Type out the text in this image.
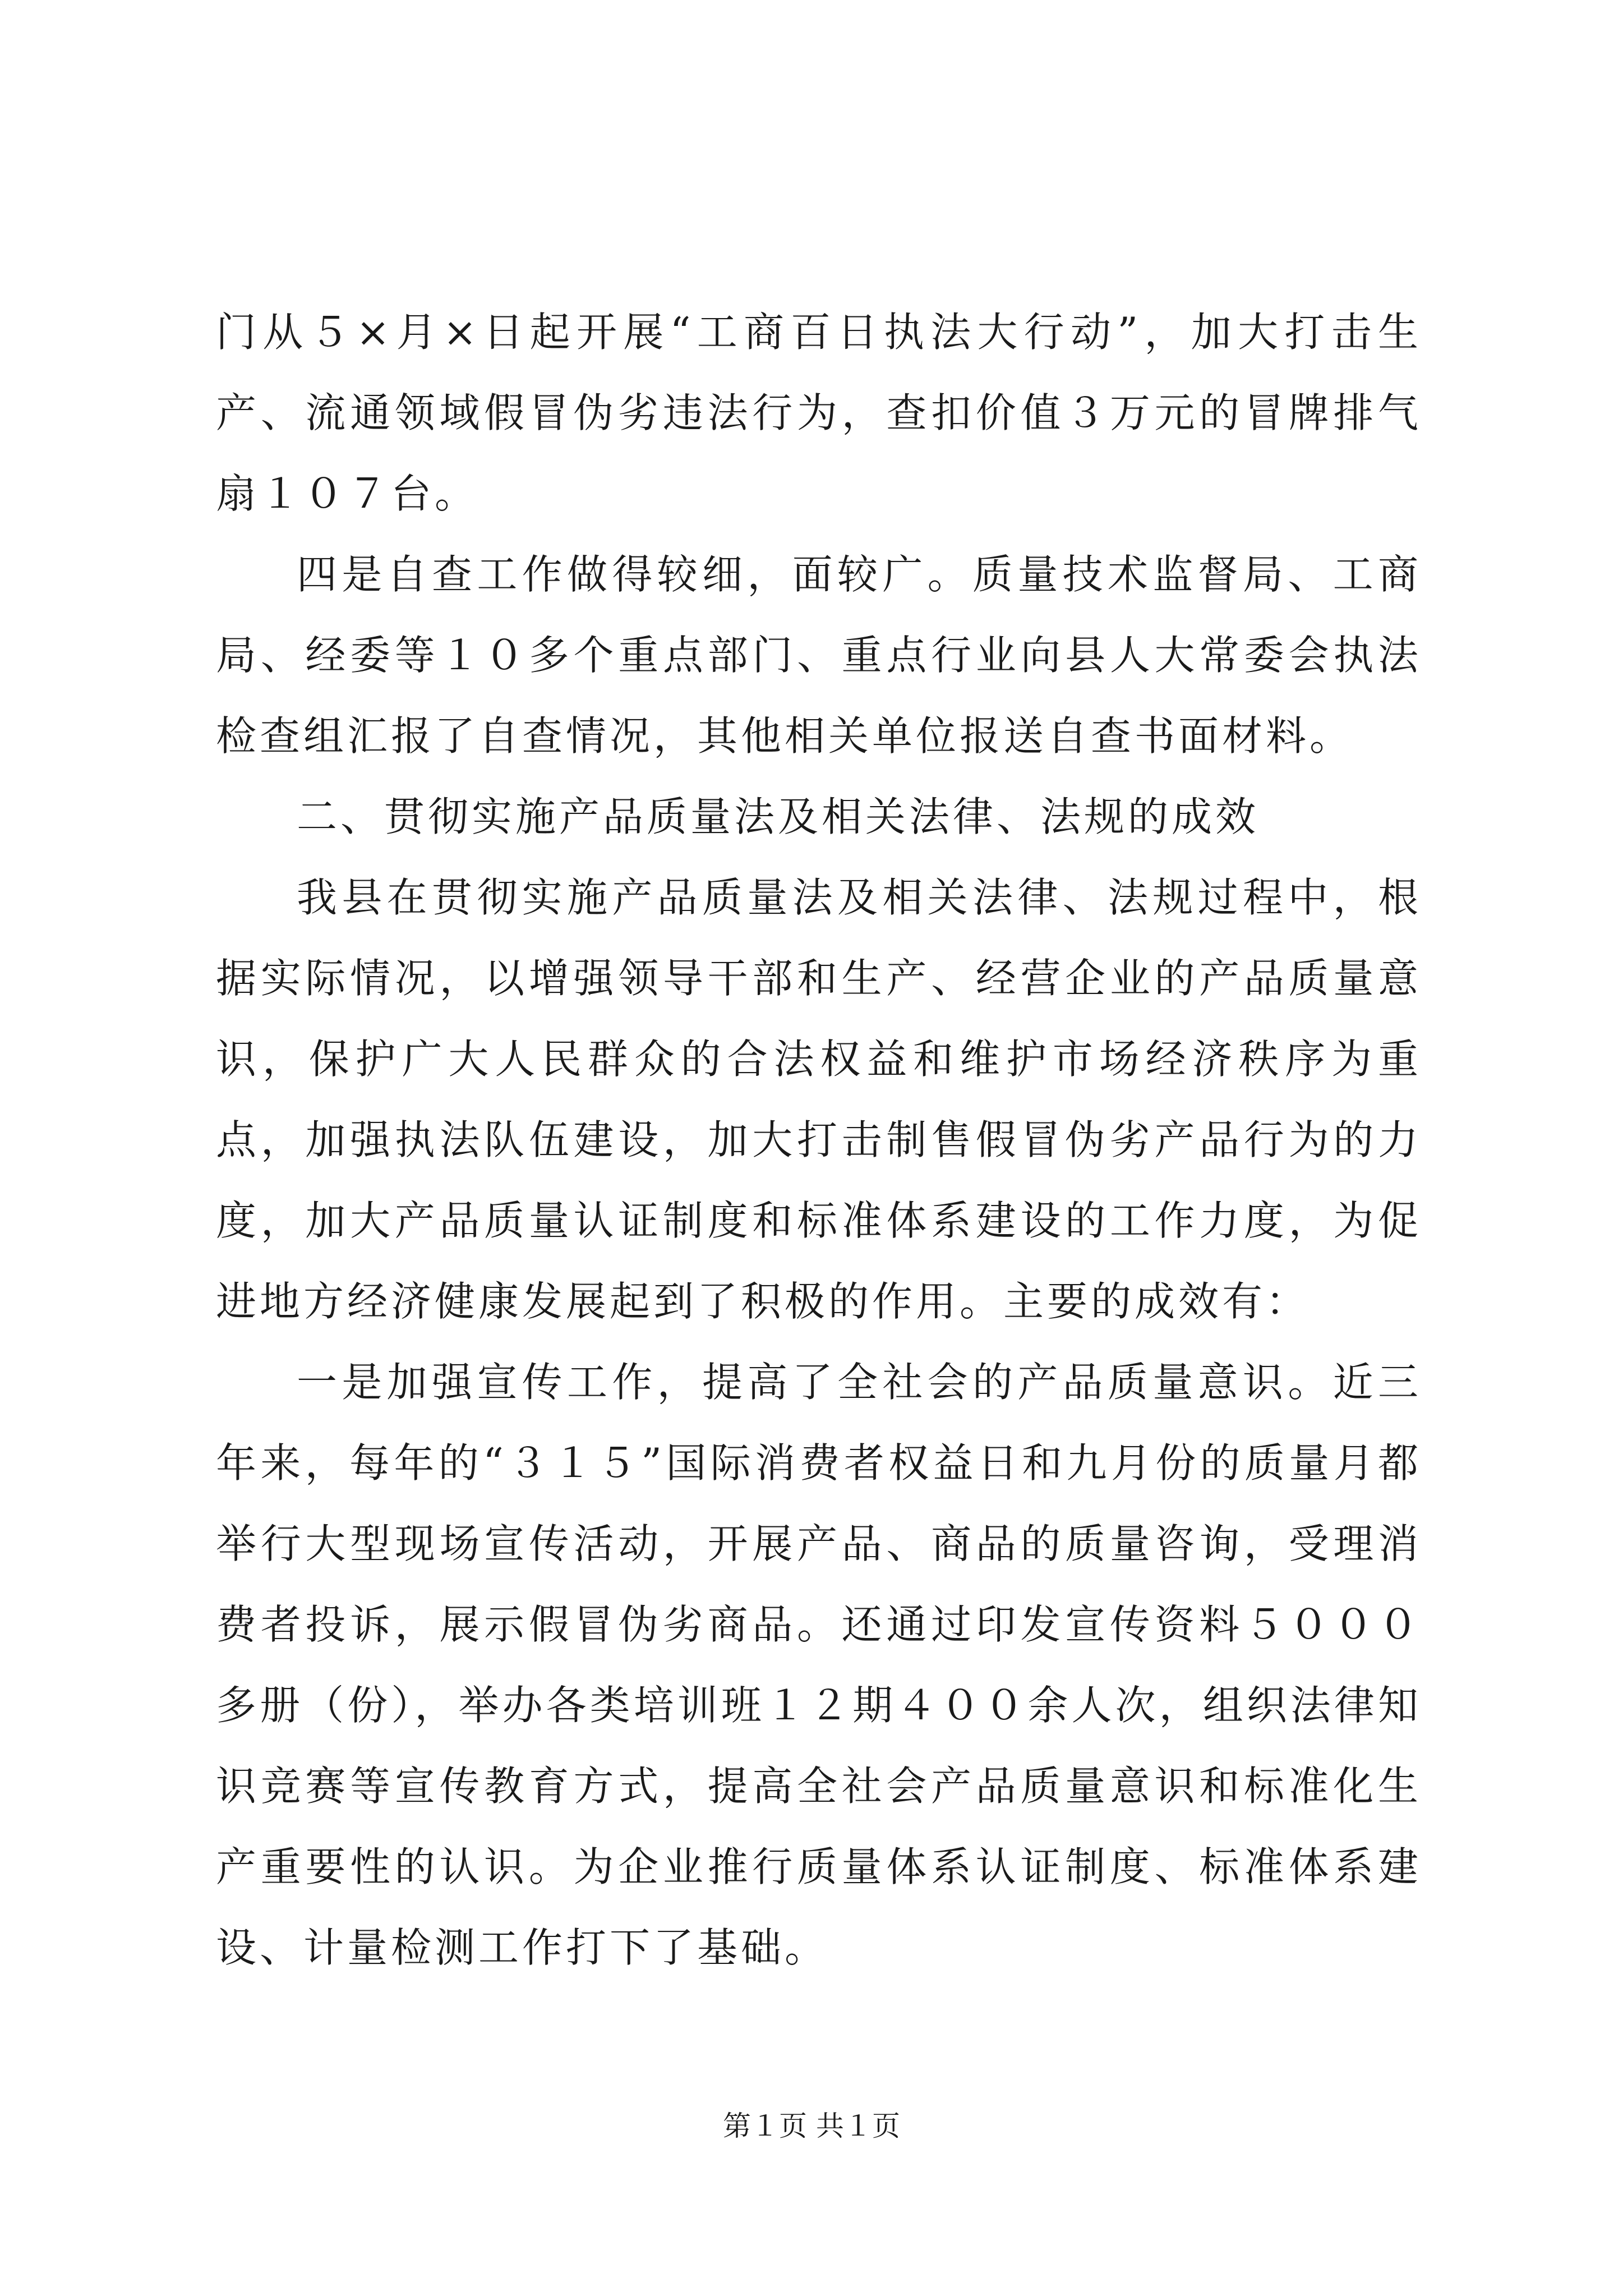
门从５×月×日起开展“工商百日执法大行动”，加大打击生产、流通领域假冒伪劣违法行为，查扣价值３万元的冒牌排气扇１０７台。

四是自查工作做得较细，面较广。质量技术监督局、工商局、经委等１０多个重点部门、重点行业向县人大常委会执法检查组汇报了自查情况，其他相关单位报送自查书面材料。

二、贯彻实施产品质量法及相关法律、法规的成效

我县在贯彻实施产品质量法及相关法律、法规过程中，根据实际情况，以增强领导干部和生产、经营企业的产品质量意识，保护广大人民群众的合法权益和维护市场经济秩序为重点，加强执法队伍建设，加大打击制售假冒伪劣产品行为的力度，加大产品质量认证制度和标准体系建设的工作力度，为促进地方经济健康发展起到了积极的作用。主要的成效有：

一是加强宣传工作，提高了全社会的产品质量意识。近三年来，每年的“３１５”国际消费者权益日和九月份的质量月都举行大型现场宣传活动，开展产品、商品的质量咨询，受理消费者投诉，展示假冒伪劣商品。还通过印发宣传资料５０００多册（份），举办各类培训班１２期４００余人次，组织法律知识竞赛等宣传教育方式，提高全社会产品质量意识和标准化生产重要性的认识。为企业推行质量体系认证制度、标准体系建设、计量检测工作打下了基础。

第１页 共１页
